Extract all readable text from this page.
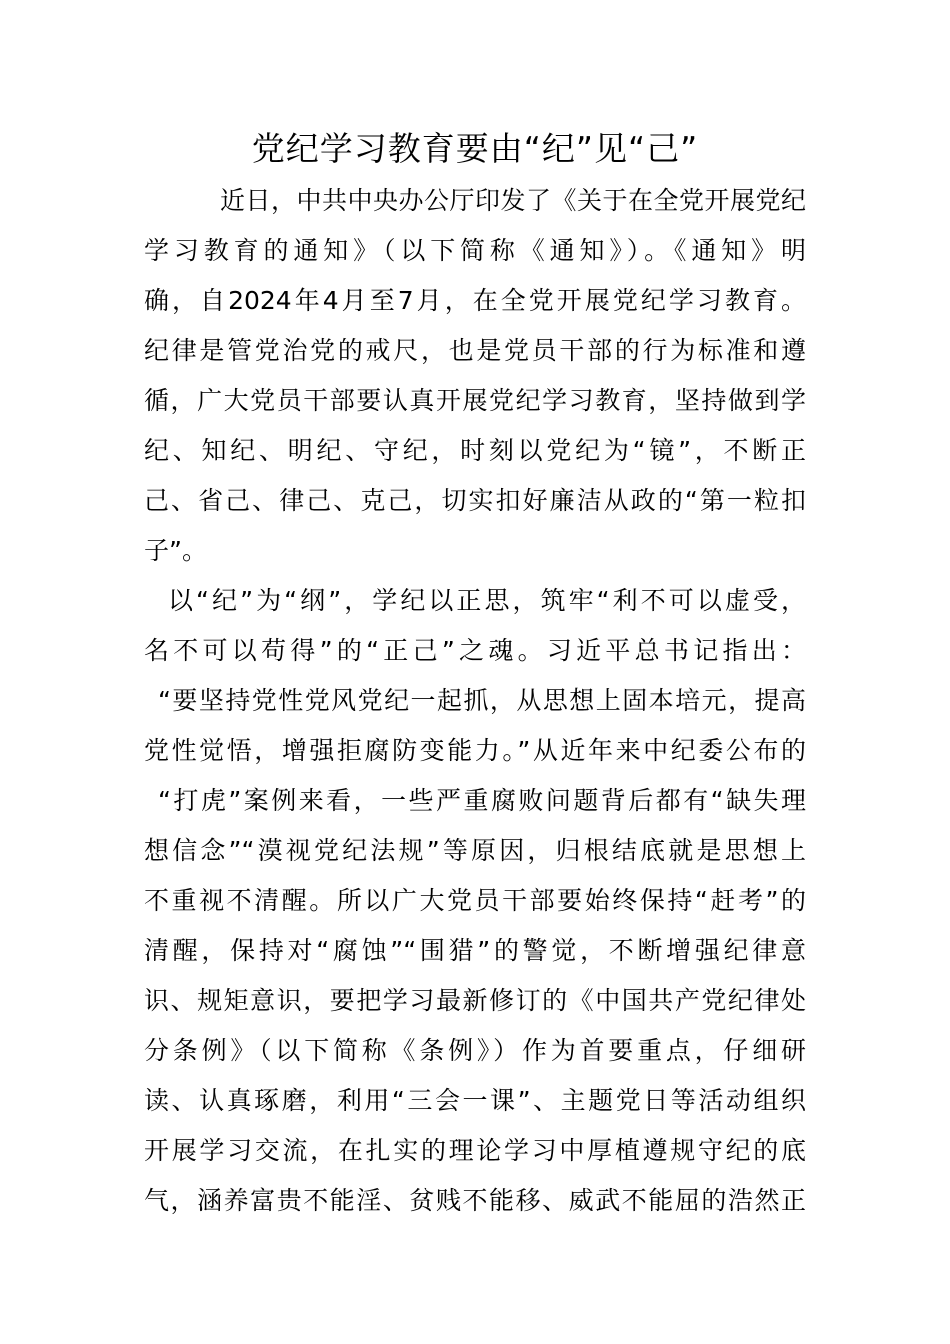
党纪学习教育要由“纪”见“己”
近日，中共中央办公厅印发了《关于在全党开展党纪
学习教育的通知》（以下简称《通知》）。《通知》明
确，自2024年4月至7月，在全党开展党纪学习教育。
纪律是管党治党的戒尺，也是党员干部的行为标准和遵
循，广大党员干部要认真开展党纪学习教育，坚持做到学
纪、知纪、明纪、守纪，时刻以党纪为“镜”，不断正
己、省己、律己、克己，切实扣好廉洁从政的“第一粒扣
子”。
以“纪”为“纲”，学纪以正思，筑牢“利不可以虚受，
名不可以苟得”的“正己”之魂。习近平总书记指出：
“要坚持党性党风党纪一起抓，从思想上固本培元，提高
党性觉悟，增强拒腐防变能力。”从近年来中纪委公布的
“打虎”案例来看，一些严重腐败问题背后都有“缺失理
想信念”“漠视党纪法规”等原因，归根结底就是思想上
不重视不清醒。所以广大党员干部要始终保持“赶考”的
清醒，保持对“腐蚀”“围猎”的警觉，不断增强纪律意
识、规矩意识，要把学习最新修订的《中国共产党纪律处
分条例》（以下简称《条例》）作为首要重点，仔细研
读、认真琢磨，利用“三会一课”、主题党日等活动组织
开展学习交流，在扎实的理论学习中厚植遵规守纪的底
气，涵养富贵不能淫、贫贱不能移、威武不能屈的浩然正
